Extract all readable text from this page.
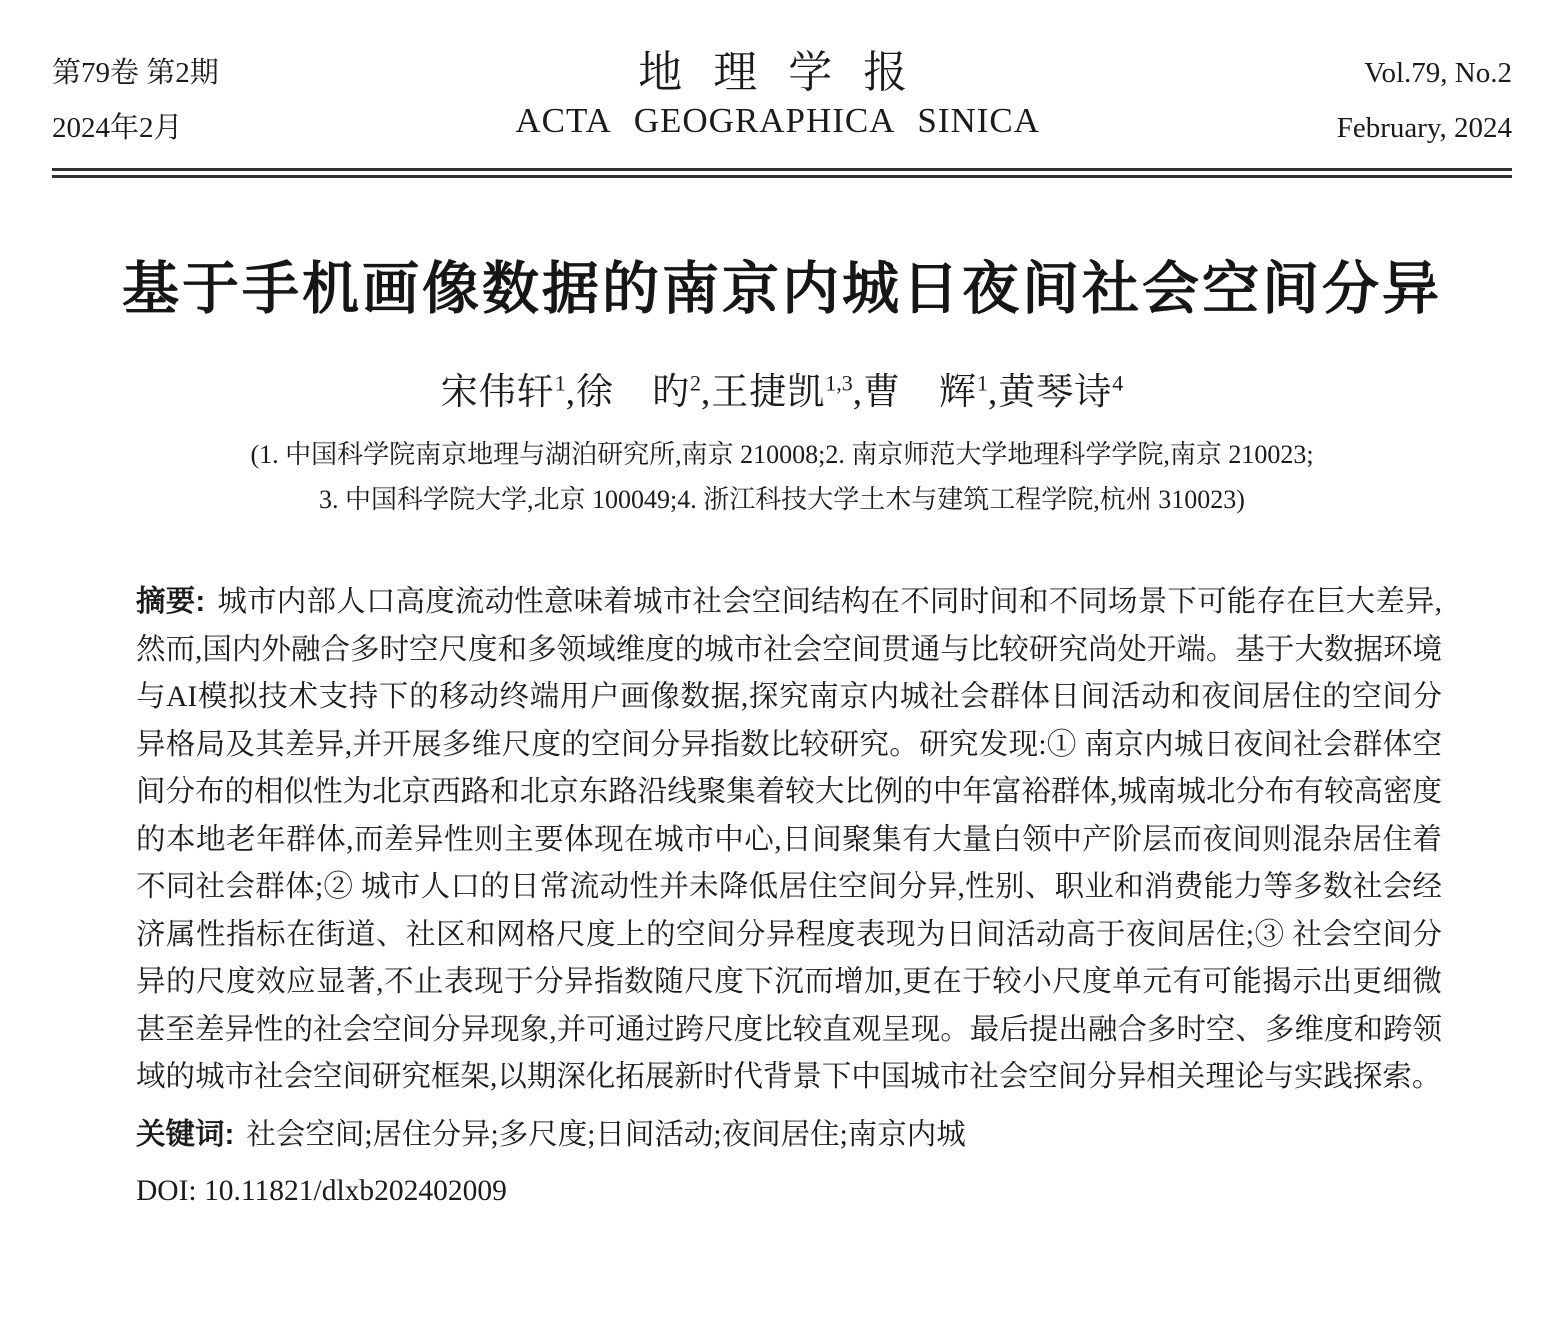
第79卷 第2期
2024年2月
地 理 学 报
ACTA GEOGRAPHICA SINICA
Vol.79, No.2
February, 2024
基于手机画像数据的南京内城日夜间社会空间分异
宋伟轩$^1$,徐　旳$^2$,王捷凯$^{1,3}$,曹　辉$^1$,黄琴诗$^4$
(1. 中国科学院南京地理与湖泊研究所,南京 210008;2. 南京师范大学地理科学学院,南京 210023;
3. 中国科学院大学,北京 100049;4. 浙江科技大学土木与建筑工程学院,杭州 310023)

摘要: 城市内部人口高度流动性意味着城市社会空间结构在不同时间和不同场景下可能存在巨大差异,然而,国内外融合多时空尺度和多领域维度的城市社会空间贯通与比较研究尚处开端。基于大数据环境与AI模拟技术支持下的移动终端用户画像数据,探究南京内城社会群体日间活动和夜间居住的空间分异格局及其差异,并开展多维尺度的空间分异指数比较研究。研究发现:① 南京内城日夜间社会群体空间分布的相似性为北京西路和北京东路沿线聚集着较大比例的中年富裕群体,城南城北分布有较高密度的本地老年群体,而差异性则主要体现在城市中心,日间聚集有大量白领中产阶层而夜间则混杂居住着不同社会群体;② 城市人口的日常流动性并未降低居住空间分异,性别、职业和消费能力等多数社会经济属性指标在街道、社区和网格尺度上的空间分异程度表现为日间活动高于夜间居住;③ 社会空间分异的尺度效应显著,不止表现于分异指数随尺度下沉而增加,更在于较小尺度单元有可能揭示出更细微甚至差异性的社会空间分异现象,并可通过跨尺度比较直观呈现。最后提出融合多时空、多维度和跨领域的城市社会空间研究框架,以期深化拓展新时代背景下中国城市社会空间分异相关理论与实践探索。

关键词: 社会空间;居住分异;多尺度;日间活动;夜间居住;南京内城

DOI: 10.11821/dlxb202402009
